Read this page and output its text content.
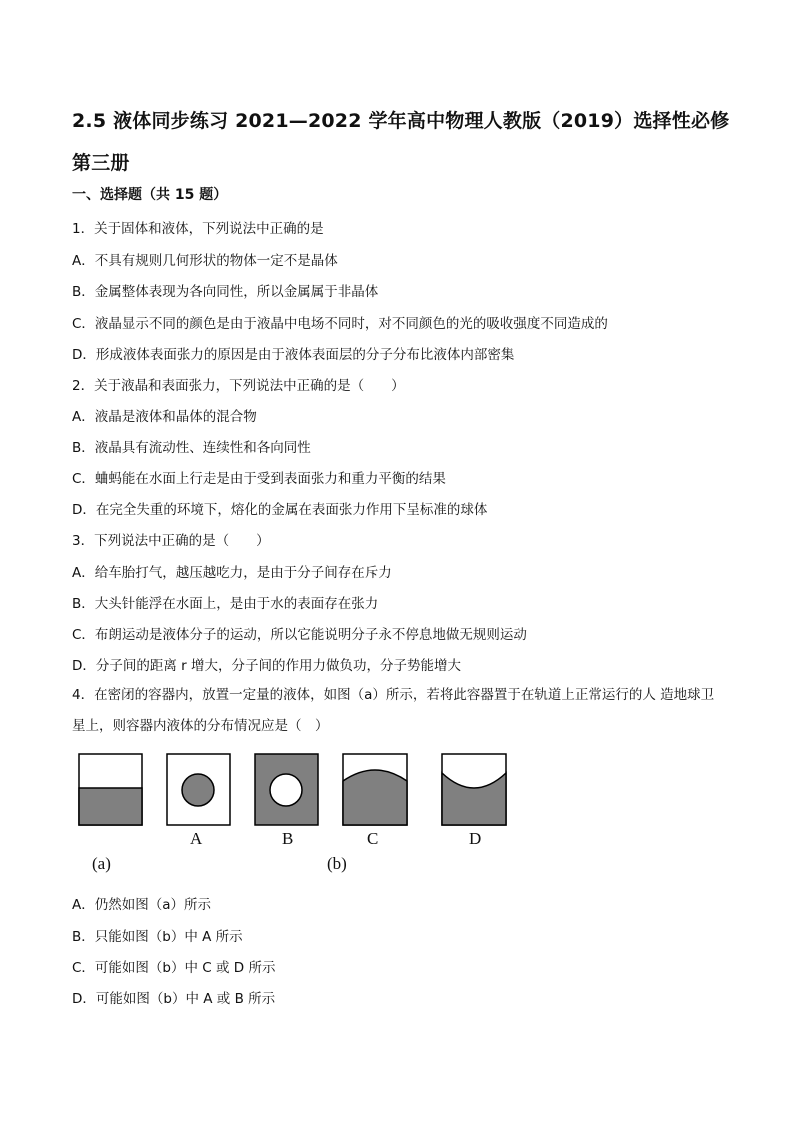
2.5 液体同步练习 2021—2022 学年高中物理人教版（2019）选择性必修第三册
一、选择题（共 15 题）
1．关于固体和液体，下列说法中正确的是
A．不具有规则几何形状的物体一定不是晶体
B．金属整体表现为各向同性，所以金属属于非晶体
C．液晶显示不同的颜色是由于液晶中电场不同时，对不同颜色的光的吸收强度不同造成的
D．形成液体表面张力的原因是由于液体表面层的分子分布比液体内部密集
2．关于液晶和表面张力，下列说法中正确的是（　　）
A．液晶是液体和晶体的混合物
B．液晶具有流动性、连续性和各向同性
C．蛐蚂能在水面上行走是由于受到表面张力和重力平衡的结果
D．在完全失重的环境下，熔化的金属在表面张力作用下呈标准的球体
3．下列说法中正确的是（　　）
A．给车胎打气，越压越吃力，是由于分子间存在斥力
B．大头针能浮在水面上，是由于水的表面存在张力
C．布朗运动是液体分子的运动，所以它能说明分子永不停息地做无规则运动
D．分子间的距离 r 增大，分子间的作用力做负功，分子势能增大
4．在密闭的容器内，放置一定量的液体，如图（a）所示，若将此容器置于在轨道上正常运行的人 造地球卫星上，则容器内液体的分布情况应是（　）
A	B	C	D
(a)	(b)
A．仍然如图（a）所示
B．只能如图（b）中 A 所示
C．可能如图（b）中 C 或 D 所示
D．可能如图（b）中 A 或 B 所示
